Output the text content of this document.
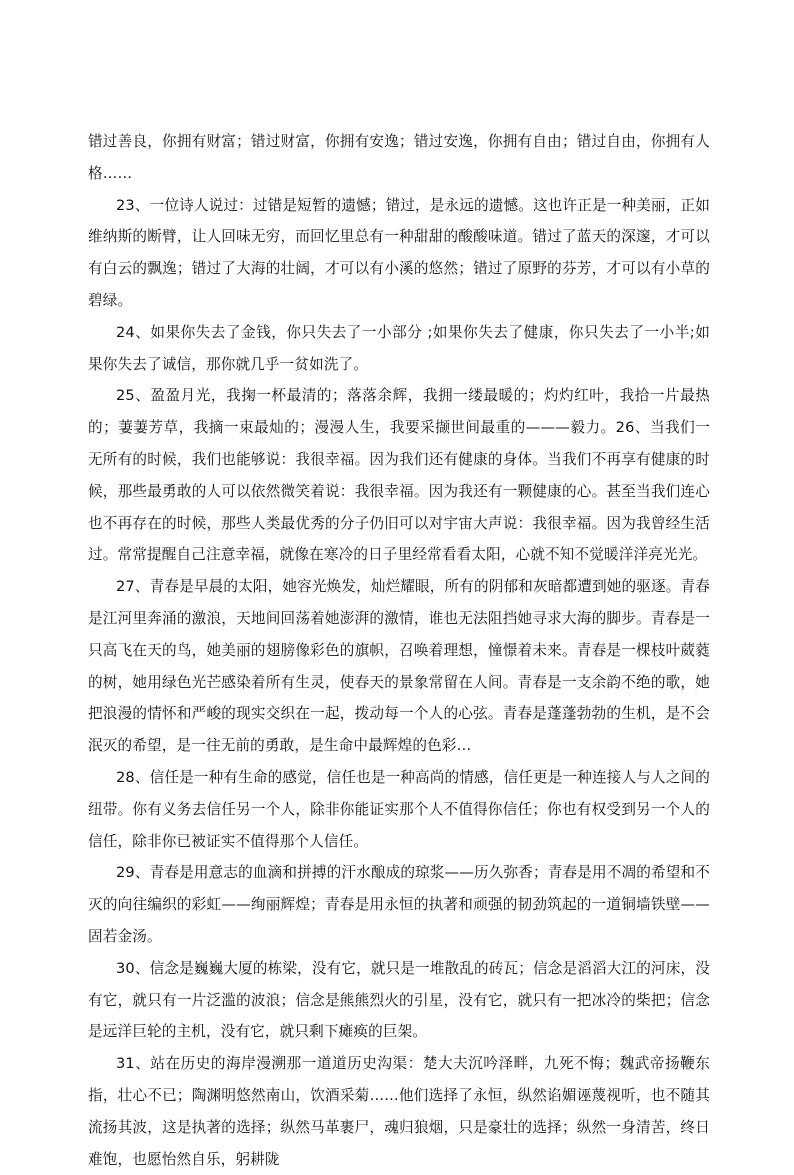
错过善良，你拥有财富；错过财富，你拥有安逸；错过安逸，你拥有自由；错过自由，你拥有人格……

23、一位诗人说过：过错是短暂的遗憾；错过，是永远的遗憾。这也许正是一种美丽，正如维纳斯的断臂，让人回味无穷，而回忆里总有一种甜甜的酸酸味道。错过了蓝天的深邃，才可以有白云的飘逸；错过了大海的壮阔，才可以有小溪的悠然；错过了原野的芬芳，才可以有小草的碧绿。

24、如果你失去了金钱，你只失去了一小部分 ;如果你失去了健康，你只失去了一小半;如果你失去了诚信，那你就几乎一贫如洗了。

25、盈盈月光，我掬一杯最清的；落落余辉，我拥一缕最暖的；灼灼红叶，我拾一片最热的；萋萋芳草，我摘一束最灿的；漫漫人生，我要采撷世间最重的———毅力。26、当我们一无所有的时候，我们也能够说：我很幸福。因为我们还有健康的身体。当我们不再享有健康的时候，那些最勇敢的人可以依然微笑着说：我很幸福。因为我还有一颗健康的心。甚至当我们连心也不再存在的时候，那些人类最优秀的分子仍旧可以对宇宙大声说：我很幸福。因为我曾经生活过。常常提醒自己注意幸福，就像在寒冷的日子里经常看看太阳，心就不知不觉暖洋洋亮光光。

27、青春是早晨的太阳，她容光焕发，灿烂耀眼，所有的阴郁和灰暗都遭到她的驱逐。青春是江河里奔涌的激浪，天地间回荡着她澎湃的激情，谁也无法阻挡她寻求大海的脚步。青春是一只高飞在天的鸟，她美丽的翅膀像彩色的旗帜，召唤着理想，憧憬着未来。青春是一棵枝叶葳蕤的树，她用绿色光芒感染着所有生灵，使春天的景象常留在人间。青春是一支余韵不绝的歌，她把浪漫的情怀和严峻的现实交织在一起，拨动每一个人的心弦。青春是蓬蓬勃勃的生机，是不会泯灭的希望，是一往无前的勇敢，是生命中最辉煌的色彩…

28、信任是一种有生命的感觉，信任也是一种高尚的情感，信任更是一种连接人与人之间的纽带。你有义务去信任另一个人，除非你能证实那个人不值得你信任；你也有权受到另一个人的信任，除非你已被证实不值得那个人信任。

29、青春是用意志的血滴和拼搏的汗水酿成的琼浆——历久弥香；青春是用不凋的希望和不灭的向往编织的彩虹——绚丽辉煌；青春是用永恒的执著和顽强的韧劲筑起的一道铜墙铁壁——固若金汤。

30、信念是巍巍大厦的栋梁，没有它，就只是一堆散乱的砖瓦；信念是滔滔大江的河床，没有它，就只有一片泛滥的波浪；信念是熊熊烈火的引星，没有它，就只有一把冰冷的柴把；信念是远洋巨轮的主机，没有它，就只剩下瘫痪的巨架。

31、站在历史的海岸漫溯那一道道历史沟渠：楚大夫沉吟泽畔，九死不悔；魏武帝扬鞭东指，壮心不已；陶渊明悠然南山，饮酒采菊……他们选择了永恒，纵然谄媚诬蔑视听，也不随其流扬其波，这是执著的选择；纵然马革裹尸，魂归狼烟，只是豪壮的选择；纵然一身清苦，终日难饱，也愿怡然自乐，躬耕陇
